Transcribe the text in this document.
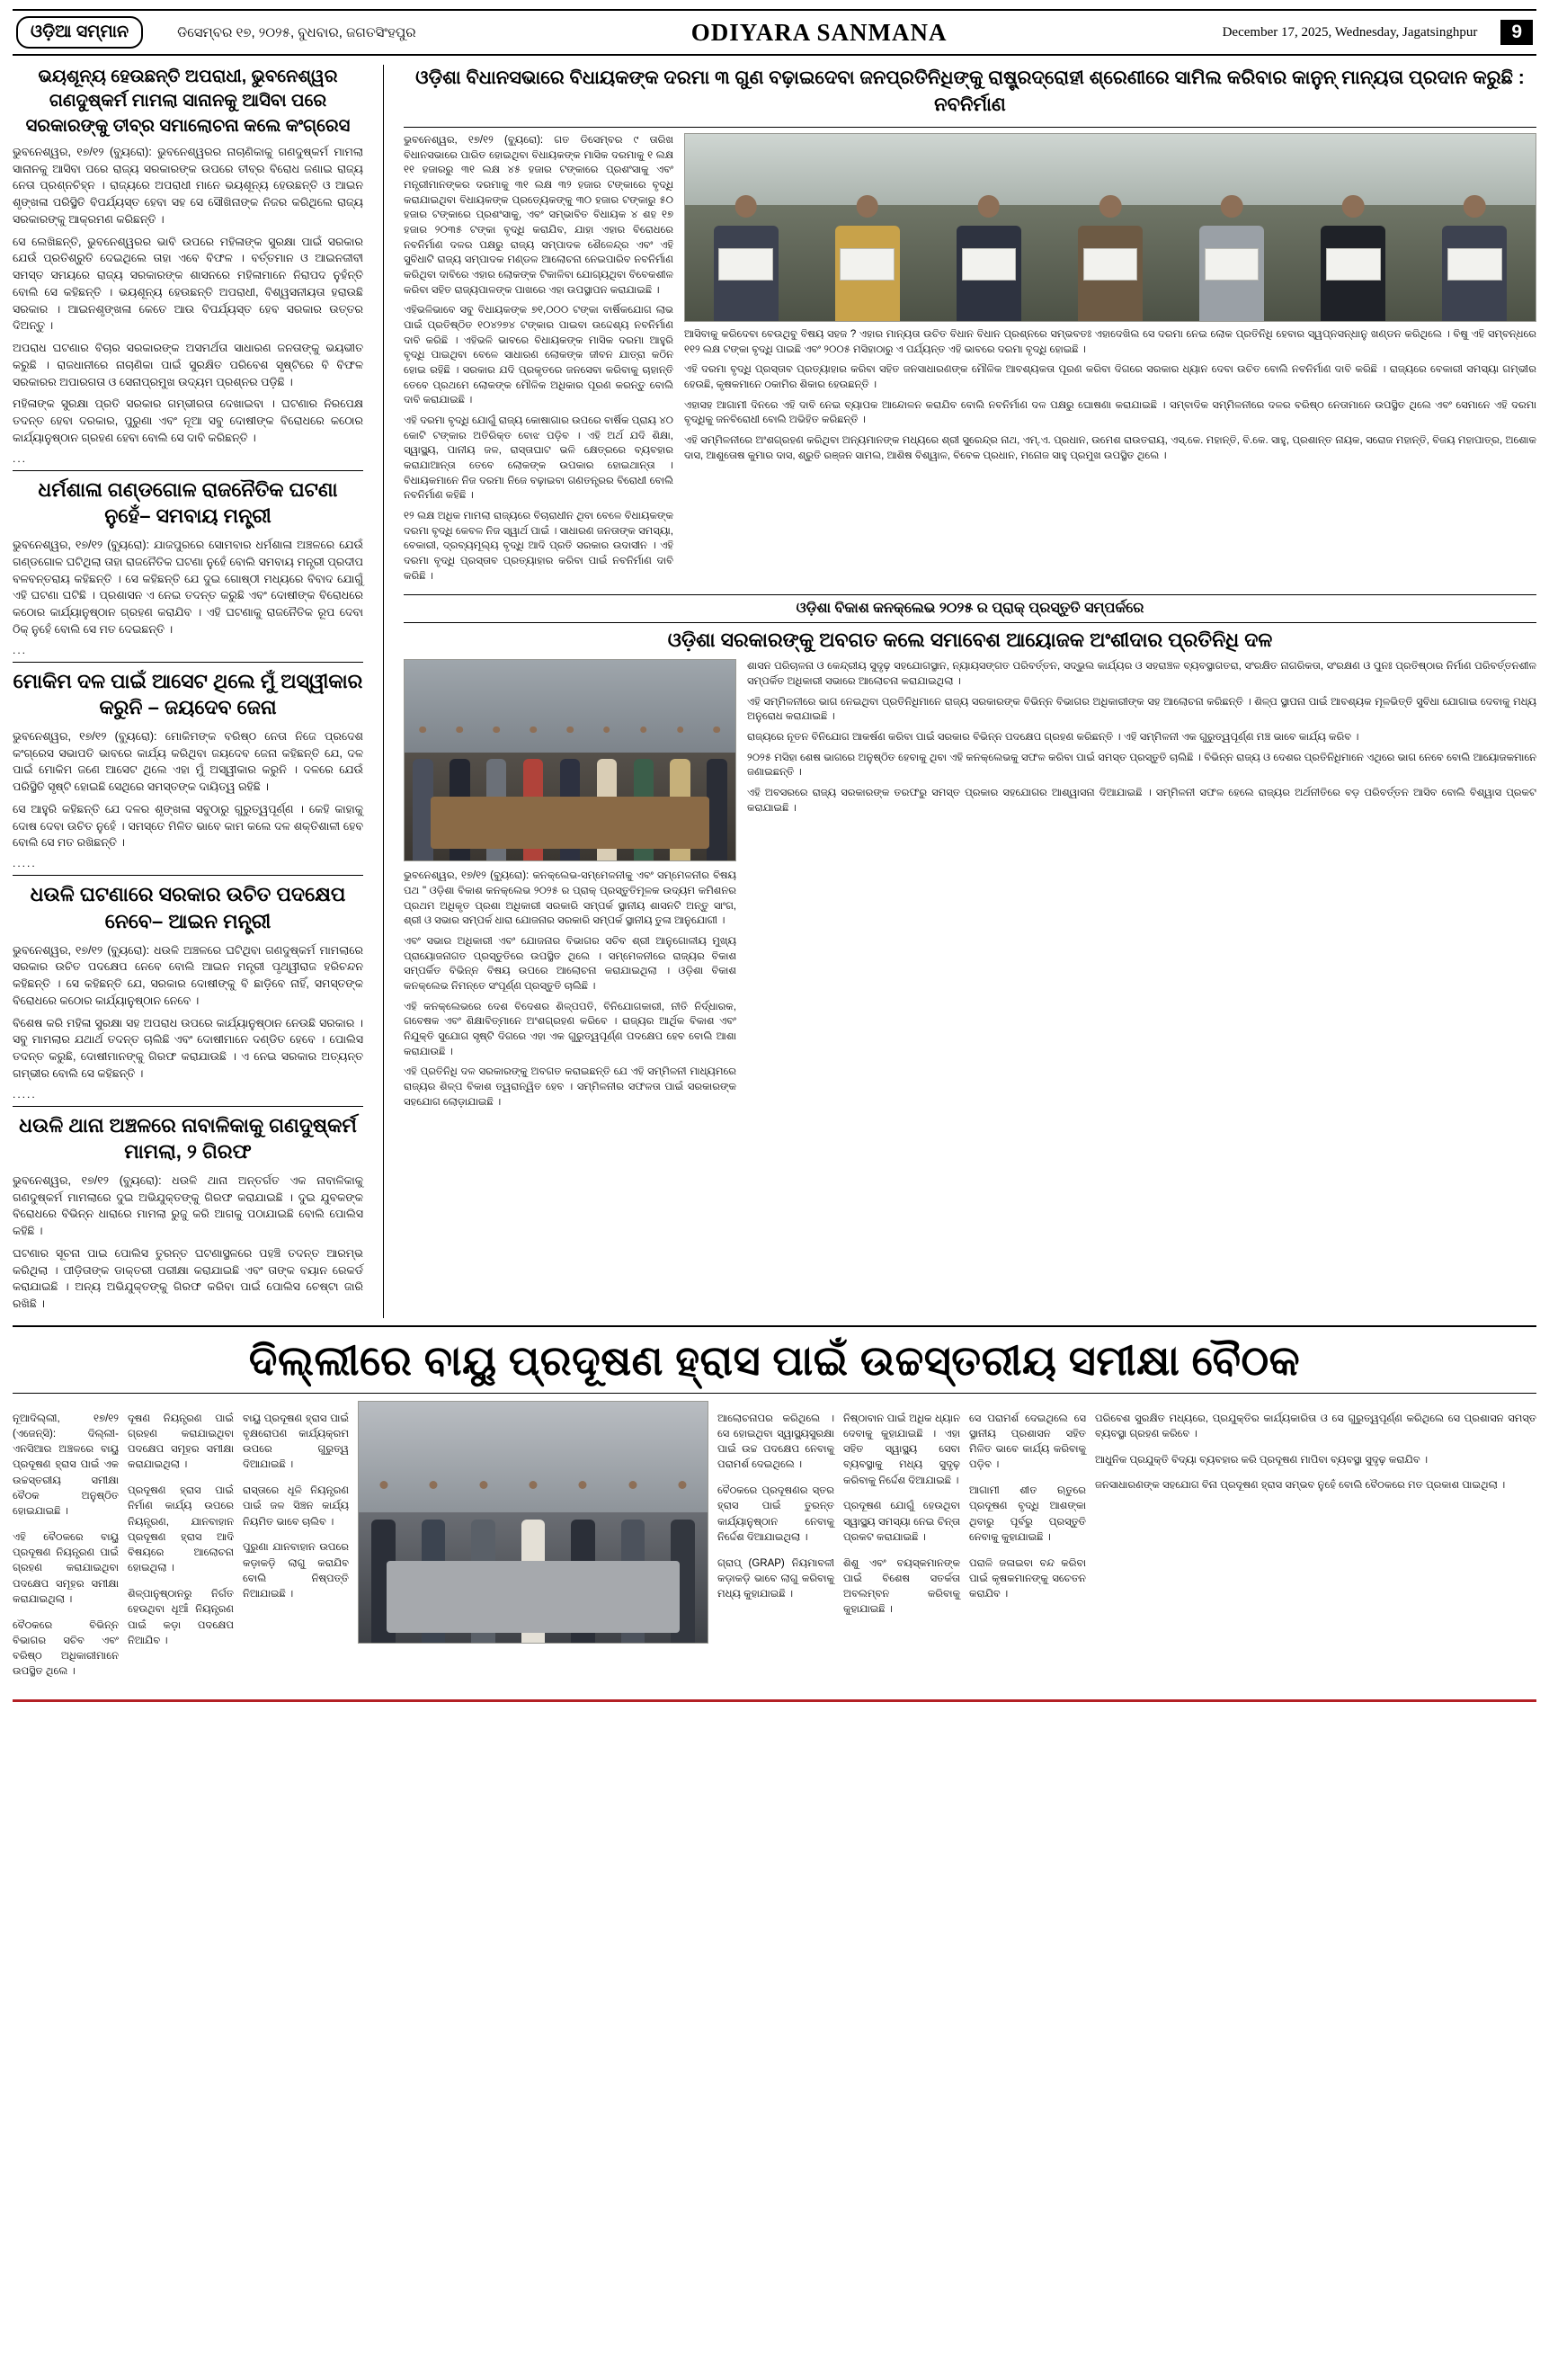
ଓଡ଼ିଆ ସମ୍ମାନ	ଡିସେମ୍ବର ୧୭, ୨୦୨୫, ବୁଧବାର, ଜଗତସିଂହପୁର	ODIYARA SANMANA	December 17, 2025, Wednesday, Jagatsinghpur	9
ଭୟଶୂନ୍ୟ ହେଉଛନ୍ତି ଅପରାଧୀ, ଭୁବନେଶ୍ୱର ଗଣଦୁଷ୍କର୍ମ ମାମଲା ସାନାନକୁ ଆସିବା ପରେ ସରକାରଙ୍କୁ ତୀବ୍ର ସମାଲୋଚନା କଲେ କଂଗ୍ରେସ

ଭୁବନେଶ୍ୱର, ୧୭/୧୨ (ବ୍ୟୁରୋ): ଭୁବନେଶ୍ୱରର ନାଚାଣିକାକୁ ଗଣଦୁଷ୍କର୍ମ ମାମଲା ସାନାନକୁ ଆସିବା ପରେ ରାଜ୍ୟ ସରକାରଙ୍କ ଉପରେ ତୀବ୍ର ବିରୋଧ ଜଣାଇ ରାଜ୍ୟ ନେତା ପ୍ରଶ୍ନଚିହ୍ନ । ରାଜ୍ୟରେ ଅପରାଧୀ ମାନେ ଭୟଶୂନ୍ୟ ହେଉଛନ୍ତି ଓ ଆଇନ ଶୃଙ୍ଖଳା ପରିସ୍ଥିତି ବିପର୍ଯ୍ୟସ୍ତ ହେବା ସହ ସେ ସୌଖିନାଙ୍କ ନିଜର କରିଥିଲେ ରାଜ୍ୟ ସରକାରଙ୍କୁ ଆକ୍ରମଣ କରିଛନ୍ତି ।

ସେ ଲେଖିଛନ୍ତି, ଭୁବନେଶ୍ୱରର ଭାବି ଉପରେ ମହିଳାଙ୍କ ସୁରକ୍ଷା ପାଇଁ ସରକାର ଯେଉଁ ପ୍ରତିଶ୍ରୁତି ଦେଇଥିଲେ ତାହା ଏବେ ବିଫଳ । ବର୍ତ୍ତମାନ ଓ ଆଇନଜୀବୀ ସମସ୍ତ ସମୟରେ ରାଜ୍ୟ ସରକାରଙ୍କ ଶାସନରେ ମହିଳାମାନେ ନିରାପଦ ନୁହଁନ୍ତି ବୋଲି ସେ କହିଛନ୍ତି । ଭୟଶୂନ୍ୟ ହେଉଛନ୍ତି ଅପରାଧୀ, ବିଶ୍ୱସନୀୟତା ହରାଉଛି ସରକାର । ଆଇନଶୃଙ୍ଖଳା କେତେ ଆଉ ବିପର୍ଯ୍ୟସ୍ତ ହେବ ସରକାର ଉତ୍ତର ଦିଅନ୍ତୁ ।

ଅପରାଧ ଘଟଣାର ବିଚାର ସରକାରଙ୍କ ଅସମର୍ଥତା ସାଧାରଣ ଜନତାଙ୍କୁ ଭୟଭୀତ କରୁଛି । ରାଜଧାନୀରେ ନାଚାଣିକା ପାଇଁ ସୁରକ୍ଷିତ ପରିବେଶ ସୃଷ୍ଟିରେ ବି ବିଫଳ ସରକାରର ଅପାରଗତା ଓ ସେନାପ୍ରମୁଖ ଉଦ୍ୟମ ପ୍ରଶ୍ନର ପଡ଼ିଛି ।

ମହିଳାଙ୍କ ସୁରକ୍ଷା ପ୍ରତି ସରକାର ଗମ୍ଭୀରତା ଦେଖାଇବା । ଘଟଣାର ନିରପେକ୍ଷ ତଦନ୍ତ ହେବା ଦରକାର, ପୁରୁଣା ଏବଂ ନୂଆ ସବୁ ଦୋଷୀଙ୍କ ବିରୋଧରେ କଠୋର କାର୍ଯ୍ୟାନୁଷ୍ଠାନ ଗ୍ରହଣ ହେବା ବୋଲି ସେ ଦାବି କରିଛନ୍ତି ।

...
ଧର୍ମଶାଳା ଗଣ୍ଡଗୋଳ ରାଜନୈତିକ ଘଟଣା ନୁହେଁ– ସମବାୟ ମନ୍ତ୍ରୀ

ଭୁବନେଶ୍ୱର, ୧୭/୧୨ (ବ୍ୟୁରୋ): ଯାଜପୁରରେ ସୋମବାର ଧର୍ମଶାଳା ଅଞ୍ଚଳରେ ଯେଉଁ ଗଣ୍ଡଗୋଳ ଘଟିଥିଲା ତାହା ରାଜନୈତିକ ଘଟଣା ନୁହେଁ ବୋଲି ସମବାୟ ମନ୍ତ୍ରୀ ପ୍ରଦୀପ ବଳବନ୍ତରାୟ କହିଛନ୍ତି । ସେ କହିଛନ୍ତି ଯେ ଦୁଇ ଗୋଷ୍ଠୀ ମଧ୍ୟରେ ବିବାଦ ଯୋଗୁଁ ଏହି ଘଟଣା ଘଟିଛି । ପ୍ରଶାସନ ଏ ନେଇ ତଦନ୍ତ କରୁଛି ଏବଂ ଦୋଷୀଙ୍କ ବିରୋଧରେ କଠୋର କାର୍ଯ୍ୟାନୁଷ୍ଠାନ ଗ୍ରହଣ କରାଯିବ । ଏହି ଘଟଣାକୁ ରାଜନୈତିକ ରୂପ ଦେବା ଠିକ୍ ନୁହେଁ ବୋଲି ସେ ମତ ଦେଇଛନ୍ତି ।

...
ମୋକିମ ଦଳ ପାଇଁ ଆସେଟ ଥିଲେ ମୁଁ ଅସ୍ୱୀକାର କରୁନି – ଜୟଦେବ ଜେନା

ଭୁବନେଶ୍ୱର, ୧୭/୧୨ (ବ୍ୟୁରୋ): ମୋକିମଙ୍କ ବରିଷ୍ଠ ନେତା ନିଜେ ପ୍ରଦେଶ କଂଗ୍ରେସ ସଭାପତି ଭାବରେ କାର୍ଯ୍ୟ କରିଥିବା ଜୟଦେବ ଜେନା କହିଛନ୍ତି ଯେ, ଦଳ ପାଇଁ ମୋକିମ ଜଣେ ଆସେଟ ଥିଲେ ଏହା ମୁଁ ଅସ୍ୱୀକାର କରୁନି । ଦଳରେ ଯେଉଁ ପରିସ୍ଥିତି ସୃଷ୍ଟି ହୋଇଛି ସେଥିରେ ସମସ୍ତଙ୍କ ଦାୟିତ୍ୱ ରହିଛି ।

ସେ ଆହୁରି କହିଛନ୍ତି ଯେ ଦଳର ଶୃଙ୍ଖଳା ସବୁଠାରୁ ଗୁରୁତ୍ୱପୂର୍ଣ୍ଣ । କେହି କାହାକୁ ଦୋଷ ଦେବା ଉଚିତ ନୁହେଁ । ସମସ୍ତେ ମିଳିତ ଭାବେ କାମ କଲେ ଦଳ ଶକ୍ତିଶାଳୀ ହେବ ବୋଲି ସେ ମତ ରଖିଛନ୍ତି ।

.....
ଧଉଳି ଘଟଣାରେ ସରକାର ଉଚିତ ପଦକ୍ଷେପ ନେବେ– ଆଇନ ମନ୍ତ୍ରୀ

ଭୁବନେଶ୍ୱର, ୧୭/୧୨ (ବ୍ୟୁରୋ): ଧଉଳି ଅଞ୍ଚଳରେ ଘଟିଥିବା ଗଣଦୁଷ୍କର୍ମ ମାମଲାରେ ସରକାର ଉଚିତ ପଦକ୍ଷେପ ନେବେ ବୋଲି ଆଇନ ମନ୍ତ୍ରୀ ପୃଥ୍ୱୀରାଜ ହରିଚନ୍ଦନ କହିଛନ୍ତି । ସେ କହିଛନ୍ତି ଯେ, ସରକାର ଦୋଷୀଙ୍କୁ ବି ଛାଡ଼ିବେ ନାହିଁ, ସମସ୍ତଙ୍କ ବିରୋଧରେ କଠୋର କାର୍ଯ୍ୟାନୁଷ୍ଠାନ ନେବେ ।

ବିଶେଷ କରି ମହିଳା ସୁରକ୍ଷା ସହ ଅପରାଧ ଉପରେ କାର୍ଯ୍ୟାନୁଷ୍ଠାନ ନେଉଛି ସରକାର । ସବୁ ମାମଲାର ଯଥାର୍ଥ ତଦନ୍ତ ଚାଲିଛି ଏବଂ ଦୋଷୀମାନେ ଦଣ୍ଡିତ ହେବେ । ପୋଲିସ ତଦନ୍ତ କରୁଛି, ଦୋଷୀମାନଙ୍କୁ ଗିରଫ କରାଯାଉଛି । ଏ ନେଇ ସରକାର ଅତ୍ୟନ୍ତ ଗମ୍ଭୀର ବୋଲି ସେ କହିଛନ୍ତି ।

.....
ଧଉଳି ଥାନା ଅଞ୍ଚଳରେ ନାବାଳିକାକୁ ଗଣଦୁଷ୍କର୍ମ ମାମଲା, ୨ ଗିରଫ

ଭୁବନେଶ୍ୱର, ୧୭/୧୨ (ବ୍ୟୁରୋ): ଧଉଳି ଥାନା ଅନ୍ତର୍ଗତ ଏକ ନାବାଳିକାକୁ ଗଣଦୁଷ୍କର୍ମ ମାମଲାରେ ଦୁଇ ଅଭିଯୁକ୍ତଙ୍କୁ ଗିରଫ କରାଯାଇଛି । ଦୁଇ ଯୁବକଙ୍କ ବିରୋଧରେ ବିଭିନ୍ନ ଧାରାରେ ମାମଲା ରୁଜୁ କରି ଆଗକୁ ପଠାଯାଇଛି ବୋଲି ପୋଲିସ କହିଛି ।

ଘଟଣାର ସୂଚନା ପାଇ ପୋଲିସ ତୁରନ୍ତ ଘଟଣାସ୍ଥଳରେ ପହଞ୍ଚି ତଦନ୍ତ ଆରମ୍ଭ କରିଥିଲା । ପୀଡ଼ିତାଙ୍କ ଡାକ୍ତରୀ ପରୀକ୍ଷା କରାଯାଇଛି ଏବଂ ତାଙ୍କ ବୟାନ ରେକର୍ଡ କରାଯାଇଛି । ଅନ୍ୟ ଅଭିଯୁକ୍ତଙ୍କୁ ଗିରଫ କରିବା ପାଇଁ ପୋଲିସ ଚେଷ୍ଟା ଜାରି ରଖିଛି ।

ଓଡ଼ିଶା ବିଧାନସଭାରେ ବିଧାୟକଙ୍କ ଦରମା ୩ ଗୁଣ ବଢ଼ାଇଦେବା ଜନପ୍ରତିନିଧିଙ୍କୁ ରାଷ୍ଟ୍ରଦ୍ରୋହୀ ଶ୍ରେଣୀରେ ସାମିଲ କରିବାର କାନୁନ୍ ମାନ୍ୟତା ପ୍ରଦାନ କରୁଛି : ନବନିର୍ମାଣ

ଭୁବନେଶ୍ୱର, ୧୭/୧୨ (ବ୍ୟୁରୋ): ଗତ ଡିସେମ୍ବର ୯ ତାରିଖ ବିଧାନସଭାରେ ପାରିତ ହୋଇଥିବା ବିଧାୟକଙ୍କ ମାସିକ ଦରମାକୁ ୧ ଲକ୍ଷ ୧୧ ହଜାରରୁ ୩୧ ଲକ୍ଷ ୪୫ ହଜାର ଟଙ୍କାରେ ପ୍ରଶଂସାକୁ ଏବଂ ମନ୍ତ୍ରୀମାନଙ୍କର ଦରମାକୁ ୩୧ ଲକ୍ଷ ୩୨ ହଜାର ଟଙ୍କାରେ ବୃଦ୍ଧି କରାଯାଇଥିବା ବିଧାୟକଙ୍କ ପ୍ରତ୍ୟେକଙ୍କୁ ୩୦ ହଜାର ଟଙ୍କାରୁ ୫୦ ହଜାର ଟଙ୍କାରେ ପ୍ରଶଂସାକୁ, ଏବଂ ସମ୍ଭାବିତ ବିଧାୟକ ୪ ଶହ ୧୭ ହଜାର ୨୦୩୫ ଟଙ୍କା ବୃଦ୍ଧି କରାଯିବ, ଯାହା ଏହାର ବିରୋଧରେ ନବନିର୍ମାଣ ଦଳର ପକ୍ଷରୁ ରାଜ୍ୟ ସମ୍ପାଦକ ଶୈଳେନ୍ଦ୍ର ଏବଂ ଏହି ସୁବିଧାଟି ରାଜ୍ୟ ସମ୍ପାଦକ ମଣ୍ଡଳ ଆଲୋଚନା ନେଇପାରିବ ନବନିର୍ମାଣ କରିଥିବା ଦାବିରେ ଏହାର ଲୋକଙ୍କ ଟିକାଳିବା ଯୋଗ୍ୟଥିବା ବିବେକଶୀଳ କରିବା ସହିତ ରାଜ୍ୟପାଳଙ୍କ ପାଖରେ ଏହା ଉପସ୍ଥାପନ କରାଯାଇଛି ।

ଏହିଭଳିଭାବେ ସବୁ ବିଧାୟକଙ୍କ ୭୧,୦୦୦ ଟଙ୍କା ବାର୍ଷିକଯୋଗ ଲାଭ ପାଇଁ ପ୍ରତିଷ୍ଠିତ ୧୦୪୨୭୪ ଟଙ୍କାର ପାଇବା ଉଦ୍ଦେଶ୍ୟ ନବନିର୍ମାଣ ଦାବି କରିଛି । ଏହିଭଳି ଭାବରେ ବିଧାୟକଙ୍କ ମାସିକ ଦରମା ଆହୁରି ବୃଦ୍ଧି ପାଇଥିବା ବେଳେ ସାଧାରଣ ଲୋକଙ୍କ ଜୀବନ ଯାତ୍ରା କଠିନ ହୋଇ ରହିଛି । ସରକାର ଯଦି ପ୍ରକୃତରେ ଜନସେବା କରିବାକୁ ଚାହାନ୍ତି ତେବେ ପ୍ରଥମେ ଲୋକଙ୍କ ମୌଳିକ ଅଧିକାର ପୂରଣ କରନ୍ତୁ ବୋଲି ଦାବି କରାଯାଇଛି ।

ଏହି ଦରମା ବୃଦ୍ଧି ଯୋଗୁଁ ରାଜ୍ୟ କୋଷାଗାର ଉପରେ ବାର୍ଷିକ ପ୍ରାୟ ୪୦ କୋଟି ଟଙ୍କାର ଅତିରିକ୍ତ ବୋଝ ପଡ଼ିବ । ଏହି ଅର୍ଥ ଯଦି ଶିକ୍ଷା, ସ୍ୱାସ୍ଥ୍ୟ, ପାନୀୟ ଜଳ, ରାସ୍ତାଘାଟ ଭଳି କ୍ଷେତ୍ରରେ ବ୍ୟବହାର କରାଯାଆନ୍ତା ତେବେ ଲୋକଙ୍କ ଉପକାର ହୋଇଥାନ୍ତା । ବିଧାୟକମାନେ ନିଜ ଦରମା ନିଜେ ବଢ଼ାଇବା ଗଣତନ୍ତ୍ରର ବିରୋଧୀ ବୋଲି ନବନିର୍ମାଣ କହିଛି ।

୧୨ ଲକ୍ଷ ଅଧିକ ମାମଲା ରାଜ୍ୟରେ ବିଚାରାଧୀନ ଥିବା ବେଳେ ବିଧାୟକଙ୍କ ଦରମା ବୃଦ୍ଧି କେବଳ ନିଜ ସ୍ୱାର୍ଥ ପାଇଁ । ସାଧାରଣ ଜନତାଙ୍କ ସମସ୍ୟା, ବେକାରୀ, ଦ୍ରବ୍ୟମୂଲ୍ୟ ବୃଦ୍ଧି ଆଦି ପ୍ରତି ସରକାର ଉଦାସୀନ । ଏହି ଦରମା ବୃଦ୍ଧି ପ୍ରସ୍ତାବ ପ୍ରତ୍ୟାହାର କରିବା ପାଇଁ ନବନିର୍ମାଣ ଦାବି କରିଛି ।

ଆସିବାକୁ କରିଦେବା ବେଉଥିବୁ ବିଷୟ ସହଜ ? ଏହାର ମାନ୍ୟତା ଉଚିତ ବିଧାନ ବିଧାନ ପ୍ରଶ୍ନରେ ସମ୍ଭବତଃ ଏହାଦେଖିଲ ସେ ଦରମା ନେଇ ଲୋକ ପ୍ରତିନିଧି ହେବାର ସ୍ୱପ୍ନସନ୍ଧାନୁ ଖଣ୍ଡନ କରିଥିଲେ । ବିଷୁ ଏହି ସମ୍ବନ୍ଧରେ ୧୧୨ ଲକ୍ଷ ଟଙ୍କା ବୃଦ୍ଧି ପାଇଛି ଏବଂ ୨୦୦୫ ମସିହାଠାରୁ ଏ ପର୍ଯ୍ୟନ୍ତ ଏହି ଭାବରେ ଦରମା ବୃଦ୍ଧି ହୋଇଛି ।

ଏହି ଦରମା ବୃଦ୍ଧି ପ୍ରସ୍ତାବ ପ୍ରତ୍ୟାହାର କରିବା ସହିତ ଜନସାଧାରଣଙ୍କ ମୌଳିକ ଆବଶ୍ୟକତା ପୂରଣ କରିବା ଦିଗରେ ସରକାର ଧ୍ୟାନ ଦେବା ଉଚିତ ବୋଲି ନବନିର୍ମାଣ ଦାବି କରିଛି । ରାଜ୍ୟରେ ବେକାରୀ ସମସ୍ୟା ଗମ୍ଭୀର ହେଉଛି, କୃଷକମାନେ ଠକାମିର ଶିକାର ହେଉଛନ୍ତି ।

ଏହାସହ ଆଗାମୀ ଦିନରେ ଏହି ଦାବି ନେଇ ବ୍ୟାପକ ଆନ୍ଦୋଳନ କରାଯିବ ବୋଲି ନବନିର୍ମାଣ ଦଳ ପକ୍ଷରୁ ଘୋଷଣା କରାଯାଇଛି । ସମ୍ବାଦିକ ସମ୍ମିଳନୀରେ ଦଳର ବରିଷ୍ଠ ନେତାମାନେ ଉପସ୍ଥିତ ଥିଲେ ଏବଂ ସେମାନେ ଏହି ଦରମା ବୃଦ୍ଧିକୁ ଜନବିରୋଧୀ ବୋଲି ଅଭିହିତ କରିଛନ୍ତି ।

ଏହି ସମ୍ମିଳନୀରେ ଅଂଶଗ୍ରହଣ କରିଥିବା ଅନ୍ୟମାନଙ୍କ ମଧ୍ୟରେ ଶ୍ରୀ ସୁରେନ୍ଦ୍ର ନାଥ, ଏମ୍.ଏ. ପ୍ରଧାନ, ଉମେଶ ରାଉତରାୟ, ଏସ୍.କେ. ମହାନ୍ତି, ବି.କେ. ସାହୁ, ପ୍ରଶାନ୍ତ ନାୟକ, ସରୋଜ ମହାନ୍ତି, ବିଜୟ ମହାପାତ୍ର, ଅଶୋକ ଦାସ, ଆଶୁତୋଷ କୁମାର ଦାସ, ଶ୍ରୁତି ରଞ୍ଜନ ସାମଲ, ଆଶିଷ ବିଶ୍ୱାଳ, ବିବେକ ପ୍ରଧାନ, ମନୋଜ ସାହୁ ପ୍ରମୁଖ ଉପସ୍ଥିତ ଥିଲେ ।

ଓଡ଼ିଶା ବିକାଶ କନକ୍ଲେଭ ୨୦୨୫ ର ପ୍ରାକ୍ ପ୍ରସ୍ତୁତି ସମ୍ପର୍କରେ
ଓଡ଼ିଶା ସରକାରଙ୍କୁ ଅବଗତ କଲେ ସମାବେଶ ଆୟୋଜକ ଅଂଶୀଦାର ପ୍ରତିନିଧି ଦଳ

ଭୁବନେଶ୍ୱର, ୧୭/୧୨ (ବ୍ୟୁରୋ): କନକ୍ଲେଭ-ସମ୍ମେଳନୀକୁ ଏବଂ ସମ୍ମେଳନୀର ବିଷୟ ପଥ " ଓଡ଼ିଶା ବିକାଶ କନକ୍ଲେଭ ୨୦୨୫ ର ପ୍ରାକ୍ ପ୍ରସ୍ତୁତିମୂଳକ ଉଦ୍ୟମ କମିଶନର ପ୍ରଥମ ଅଧିକୃତ ପ୍ରଶା ଅଧିକାରୀ ସରକାରି ସମ୍ପର୍କ ସ୍ଥାନୀୟ ଶାସନଟି ଅନ୍ତୁ ସାଂଗ, ଶ୍ରୀ ଓ ସଭାର ସମ୍ପର୍କ ଧାରା ଯୋଜନାର ସରକାରି ସମ୍ପର୍କ ସ୍ଥାନୀୟ ତୁଳା ଆନୁଯୋଗୀ ।

ଏବଂ ସଭାର ଅଧିକାରୀ ଏବଂ ଯୋଜନାର ବିଭାଗର ସଚିବ ଶ୍ରୀ ଆନୁଗୋଳୀୟ ମୁଖ୍ୟ ପ୍ରାୟୋଜନାଗତ ପ୍ରସ୍ତୁତିରେ ଉପସ୍ଥିତ ଥିଲେ । ସମ୍ମେଳନୀରେ ରାଜ୍ୟର ବିକାଶ ସମ୍ପର୍କିତ ବିଭିନ୍ନ ବିଷୟ ଉପରେ ଆଲୋଚନା କରାଯାଇଥିଲା । ଓଡ଼ିଶା ବିକାଶ କନକ୍ଲେଭ ନିମନ୍ତେ ସଂପୂର୍ଣ୍ଣ ପ୍ରସ୍ତୁତି ଚାଲିଛି ।

ଏହି କନକ୍ଲେଭରେ ଦେଶ ବିଦେଶର ଶିଳ୍ପପତି, ବିନିଯୋଗକାରୀ, ନୀତି ନିର୍ଦ୍ଧାରକ, ଗବେଷକ ଏବଂ ଶିକ୍ଷାବିତ୍‌ମାନେ ଅଂଶଗ୍ରହଣ କରିବେ । ରାଜ୍ୟର ଆର୍ଥିକ ବିକାଶ ଏବଂ ନିଯୁକ୍ତି ସୁଯୋଗ ସୃଷ୍ଟି ଦିଗରେ ଏହା ଏକ ଗୁରୁତ୍ୱପୂର୍ଣ୍ଣ ପଦକ୍ଷେପ ହେବ ବୋଲି ଆଶା କରାଯାଉଛି ।

ଏହି ପ୍ରତିନିଧି ଦଳ ସରକାରଙ୍କୁ ଅବଗତ କରାଇଛନ୍ତି ଯେ ଏହି ସମ୍ମିଳନୀ ମାଧ୍ୟମରେ ରାଜ୍ୟର ଶିଳ୍ପ ବିକାଶ ତ୍ୱରାନ୍ୱିତ ହେବ । ସମ୍ମିଳନୀର ସଫଳତା ପାଇଁ ସରକାରଙ୍କ ସହଯୋଗ ଲୋଡ଼ାଯାଇଛି ।

ଶାସନ ପରିଚାଳନା ଓ କେନ୍ଦ୍ରୀୟ ସୁଦୃଢ଼ ସହଯୋଗସ୍ଥାନ, ନ୍ୟାୟସଙ୍ଗତ ପରିବର୍ତ୍ତନ, ସଦ୍ଭୁଲ କାର୍ଯ୍ୟର ଓ ସହରାଞ୍ଚଳ ବ୍ୟବସ୍ଥାଗତରା, ସଂରକ୍ଷିତ ନାଗରିକତା, ସଂରକ୍ଷଣ ଓ ପୁନଃ ପ୍ରତିଷ୍ଠାର ନିର୍ମାଣ ପରିବର୍ତ୍ତନଶୀଳ ସମ୍ପର୍କିତ ଅଧିକାରୀ ସଭାରେ ଆଲୋଚନା କରାଯାଇଥିଲା ।

ଏହି ସମ୍ମିଳନୀରେ ଭାଗ ନେଇଥିବା ପ୍ରତିନିଧିମାନେ ରାଜ୍ୟ ସରକାରଙ୍କ ବିଭିନ୍ନ ବିଭାଗର ଅଧିକାରୀଙ୍କ ସହ ଆଲୋଚନା କରିଛନ୍ତି । ଶିଳ୍ପ ସ୍ଥାପନା ପାଇଁ ଆବଶ୍ୟକ ମୂଳଭିତ୍ତି ସୁବିଧା ଯୋଗାଇ ଦେବାକୁ ମଧ୍ୟ ଅନୁରୋଧ କରାଯାଇଛି ।

ରାଜ୍ୟରେ ନୂତନ ବିନିଯୋଗ ଆକର୍ଷଣ କରିବା ପାଇଁ ସରକାର ବିଭିନ୍ନ ପଦକ୍ଷେପ ଗ୍ରହଣ କରିଛନ୍ତି । ଏହି ସମ୍ମିଳନୀ ଏକ ଗୁରୁତ୍ୱପୂର୍ଣ୍ଣ ମଞ୍ଚ ଭାବେ କାର୍ଯ୍ୟ କରିବ ।

୨୦୨୫ ମସିହା ଶେଷ ଭାଗରେ ଅନୁଷ୍ଠିତ ହେବାକୁ ଥିବା ଏହି କନକ୍ଲେଭକୁ ସଫଳ କରିବା ପାଇଁ ସମସ୍ତ ପ୍ରସ୍ତୁତି ଚାଲିଛି । ବିଭିନ୍ନ ରାଜ୍ୟ ଓ ଦେଶର ପ୍ରତିନିଧିମାନେ ଏଥିରେ ଭାଗ ନେବେ ବୋଲି ଆୟୋଜକମାନେ ଜଣାଇଛନ୍ତି ।

ଏହି ଅବସରରେ ରାଜ୍ୟ ସରକାରଙ୍କ ତରଫରୁ ସମସ୍ତ ପ୍ରକାର ସହଯୋଗର ଆଶ୍ୱାସନା ଦିଆଯାଇଛି । ସମ୍ମିଳନୀ ସଫଳ ହେଲେ ରାଜ୍ୟର ଅର୍ଥନୀତିରେ ବଡ଼ ପରିବର୍ତ୍ତନ ଆସିବ ବୋଲି ବିଶ୍ୱାସ ପ୍ରକଟ କରାଯାଇଛି ।

ଦିଲ୍ଲୀରେ ବାୟୁ ପ୍ରଦୂଷଣ ହ୍ରାସ ପାଇଁ ଉଚ୍ଚସ୍ତରୀୟ ସମୀକ୍ଷା ବୈଠକ

ନୂଆଦିଲ୍ଲୀ, ୧୭/୧୨ (ଏଜେନ୍ସି): ଦିଲ୍ଲୀ-ଏନସିଆର ଅଞ୍ଚଳରେ ବାୟୁ ପ୍ରଦୂଷଣ ହ୍ରାସ ପାଇଁ ଏକ ଉଚ୍ଚସ୍ତରୀୟ ସମୀକ୍ଷା ବୈଠକ ଅନୁଷ୍ଠିତ ହୋଇଯାଇଛି ।

ଏହି ବୈଠକରେ ବାୟୁ ପ୍ରଦୂଷଣ ନିୟନ୍ତ୍ରଣ ପାଇଁ ଗ୍ରହଣ କରାଯାଇଥିବା ପଦକ୍ଷେପ ସମୂହର ସମୀକ୍ଷା କରାଯାଇଥିଲା ।

ବୈଠକରେ ବିଭିନ୍ନ ବିଭାଗର ସଚିବ ଏବଂ ବରିଷ୍ଠ ଅଧିକାରୀମାନେ ଉପସ୍ଥିତ ଥିଲେ ।

ଦୂଷଣ ନିୟନ୍ତ୍ରଣ ପାଇଁ ଗ୍ରହଣ କରାଯାଇଥିବା ପଦକ୍ଷେପ ସମୂହର ସମୀକ୍ଷା କରାଯାଇଥିଲା ।

ପ୍ରଦୂଷଣ ହ୍ରାସ ପାଇଁ ନିର୍ମାଣ କାର୍ଯ୍ୟ ଉପରେ ନିୟନ୍ତ୍ରଣ, ଯାନବାହାନ ପ୍ରଦୂଷଣ ହ୍ରାସ ଆଦି ବିଷୟରେ ଆଲୋଚନା ହୋଇଥିଲା ।

ଶିଳ୍ପାନୁଷ୍ଠାନରୁ ନିର୍ଗତ ହେଉଥିବା ଧୂଆଁ ନିୟନ୍ତ୍ରଣ ପାଇଁ କଡ଼ା ପଦକ୍ଷେପ ନିଆଯିବ ।

ବାୟୁ ପ୍ରଦୂଷଣ ହ୍ରାସ ପାଇଁ ବୃକ୍ଷରୋପଣ କାର୍ଯ୍ୟକ୍ରମ ଉପରେ ଗୁରୁତ୍ୱ ଦିଆଯାଇଛି ।

ରାସ୍ତାରେ ଧୂଳି ନିୟନ୍ତ୍ରଣ ପାଇଁ ଜଳ ସିଞ୍ଚନ କାର୍ଯ୍ୟ ନିୟମିତ ଭାବେ ଚାଲିବ ।

ପୁରୁଣା ଯାନବାହାନ ଉପରେ କଡ଼ାକଡ଼ି ଲାଗୁ କରାଯିବ ବୋଲି ନିଷ୍ପତ୍ତି ନିଆଯାଇଛି ।

ଆଲୋଚନାପର କରିଥିଲେ । ସେ ହୋଇଥିବା ସ୍ୱାସ୍ଥ୍ୟସୁରକ୍ଷା ପାଇଁ ଉଚ୍ଚ ପଦକ୍ଷେପ ନେବାକୁ ପରାମର୍ଶ ଦେଇଥିଲେ ।

ବୈଠକରେ ପ୍ରଦୂଷଣର ସ୍ତର ହ୍ରାସ ପାଇଁ ତୁରନ୍ତ କାର୍ଯ୍ୟାନୁଷ୍ଠାନ ନେବାକୁ ନିର୍ଦ୍ଦେଶ ଦିଆଯାଇଥିଲା ।

ଗ୍ରାପ୍ (GRAP) ନିୟମାବଳୀ କଡ଼ାକଡ଼ି ଭାବେ ଲାଗୁ କରିବାକୁ ମଧ୍ୟ କୁହାଯାଇଛି ।

ନିଷ୍ଠାବାନ ପାଇଁ ଅଧିକ ଧ୍ୟାନ ଦେବାକୁ କୁହାଯାଇଛି । ଏହା ସହିତ ସ୍ୱାସ୍ଥ୍ୟ ସେବା ବ୍ୟବସ୍ଥାକୁ ମଧ୍ୟ ସୁଦୃଢ଼ କରିବାକୁ ନିର୍ଦ୍ଦେଶ ଦିଆଯାଇଛି ।

ପ୍ରଦୂଷଣ ଯୋଗୁଁ ହେଉଥିବା ସ୍ୱାସ୍ଥ୍ୟ ସମସ୍ୟା ନେଇ ଚିନ୍ତା ପ୍ରକଟ କରାଯାଇଛି ।

ଶିଶୁ ଏବଂ ବୟସ୍କମାନଙ୍କ ପାଇଁ ବିଶେଷ ସତର୍କତା ଅବଲମ୍ବନ କରିବାକୁ କୁହାଯାଇଛି ।

ସେ ପରାମର୍ଶ ଦେଇଥିଲେ ସେ ସ୍ଥାନୀୟ ପ୍ରଶାସନ ସହିତ ମିଳିତ ଭାବେ କାର୍ଯ୍ୟ କରିବାକୁ ପଡ଼ିବ ।

ଆଗାମୀ ଶୀତ ଋତୁରେ ପ୍ରଦୂଷଣ ବୃଦ୍ଧି ଆଶଙ୍କା ଥିବାରୁ ପୂର୍ବରୁ ପ୍ରସ୍ତୁତି ନେବାକୁ କୁହାଯାଇଛି ।

ପରାଳି ଜଳାଇବା ବନ୍ଦ କରିବା ପାଇଁ କୃଷକମାନଙ୍କୁ ସଚେତନ କରାଯିବ ।

ପରିବେଶ ସୁରକ୍ଷିତ ମଧ୍ୟରେ, ପ୍ରଯୁକ୍ତିର କାର୍ଯ୍ୟକାରିତା ଓ ସେ ଗୁରୁତ୍ୱପୂର୍ଣ୍ଣ କରିଥିଲେ ସେ ପ୍ରଶାସନ ସମସ୍ତ ବ୍ୟବସ୍ଥା ଗ୍ରହଣ କରିବେ ।

ଆଧୁନିକ ପ୍ରଯୁକ୍ତି ବିଦ୍ୟା ବ୍ୟବହାର କରି ପ୍ରଦୂଷଣ ମାପିବା ବ୍ୟବସ୍ଥା ସୁଦୃଢ଼ କରାଯିବ ।

ଜନସାଧାରଣଙ୍କ ସହଯୋଗ ବିନା ପ୍ରଦୂଷଣ ହ୍ରାସ ସମ୍ଭବ ନୁହେଁ ବୋଲି ବୈଠକରେ ମତ ପ୍ରକାଶ ପାଇଥିଲା ।
